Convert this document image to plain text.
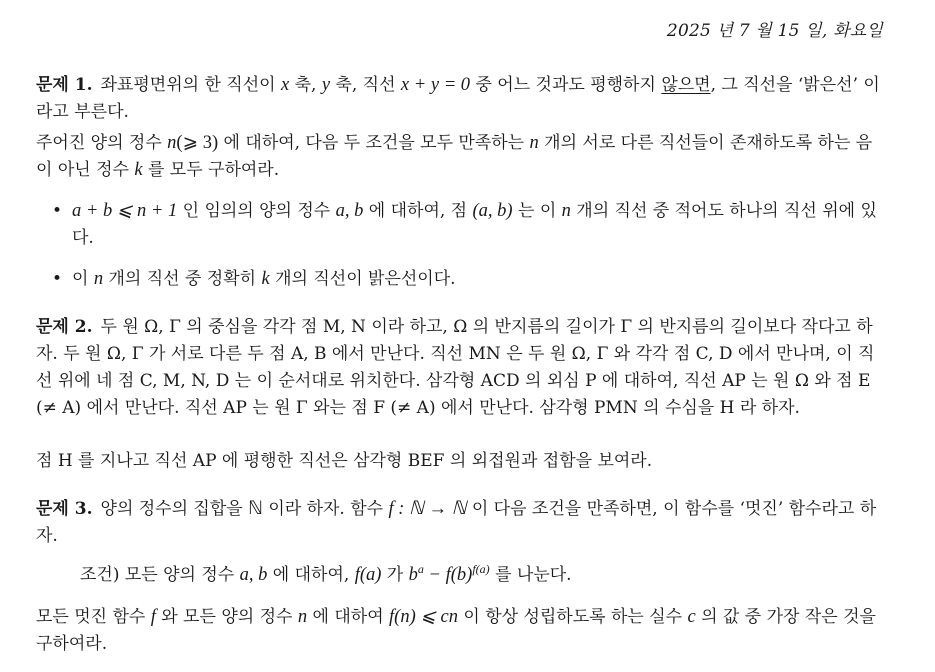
2025 년 7 월 15 일, 화요일
문제 1. 좌표평면위의 한 직선이 x 축, y 축, 직선 x + y = 0 중 어느 것과도 평행하지 않으면, 그 직선을 ‘밝은선’ 이라고 부른다.
주어진 양의 정수 n(⩾ 3) 에 대하여, 다음 두 조건을 모두 만족하는 n 개의 서로 다른 직선들이 존재하도록 하는 음이 아닌 정수 k 를 모두 구하여라.
• a + b ⩽ n + 1 인 임의의 양의 정수 a, b 에 대하여, 점 (a, b) 는 이 n 개의 직선 중 적어도 하나의 직선 위에 있다.
• 이 n 개의 직선 중 정확히 k 개의 직선이 밝은선이다.
문제 2. 두 원 Ω, Γ 의 중심을 각각 점 M, N 이라 하고, Ω 의 반지름의 길이가 Γ 의 반지름의 길이보다 작다고 하자. 두 원 Ω, Γ 가 서로 다른 두 점 A, B 에서 만난다. 직선 MN 은 두 원 Ω, Γ 와 각각 점 C, D 에서 만나며, 이 직선 위에 네 점 C, M, N, D 는 이 순서대로 위치한다. 삼각형 ACD 의 외심 P 에 대하여, 직선 AP 는 원 Ω 와 점 E (≠ A) 에서 만난다. 직선 AP 는 원 Γ 와는 점 F (≠ A) 에서 만난다. 삼각형 PMN 의 수심을 H 라 하자.
점 H 를 지나고 직선 AP 에 평행한 직선은 삼각형 BEF 의 외접원과 접함을 보여라.
문제 3. 양의 정수의 집합을 ℕ 이라 하자. 함수 f : ℕ → ℕ 이 다음 조건을 만족하면, 이 함수를 ‘멋진’ 함수라고 하자.
조건) 모든 양의 정수 a, b 에 대하여, f(a) 가 $b^a - f(b)^{f(a)}$ 를 나눈다.
모든 멋진 함수 f 와 모든 양의 정수 n 에 대하여 f(n) ⩽ cn 이 항상 성립하도록 하는 실수 c 의 값 중 가장 작은 것을 구하여라.
